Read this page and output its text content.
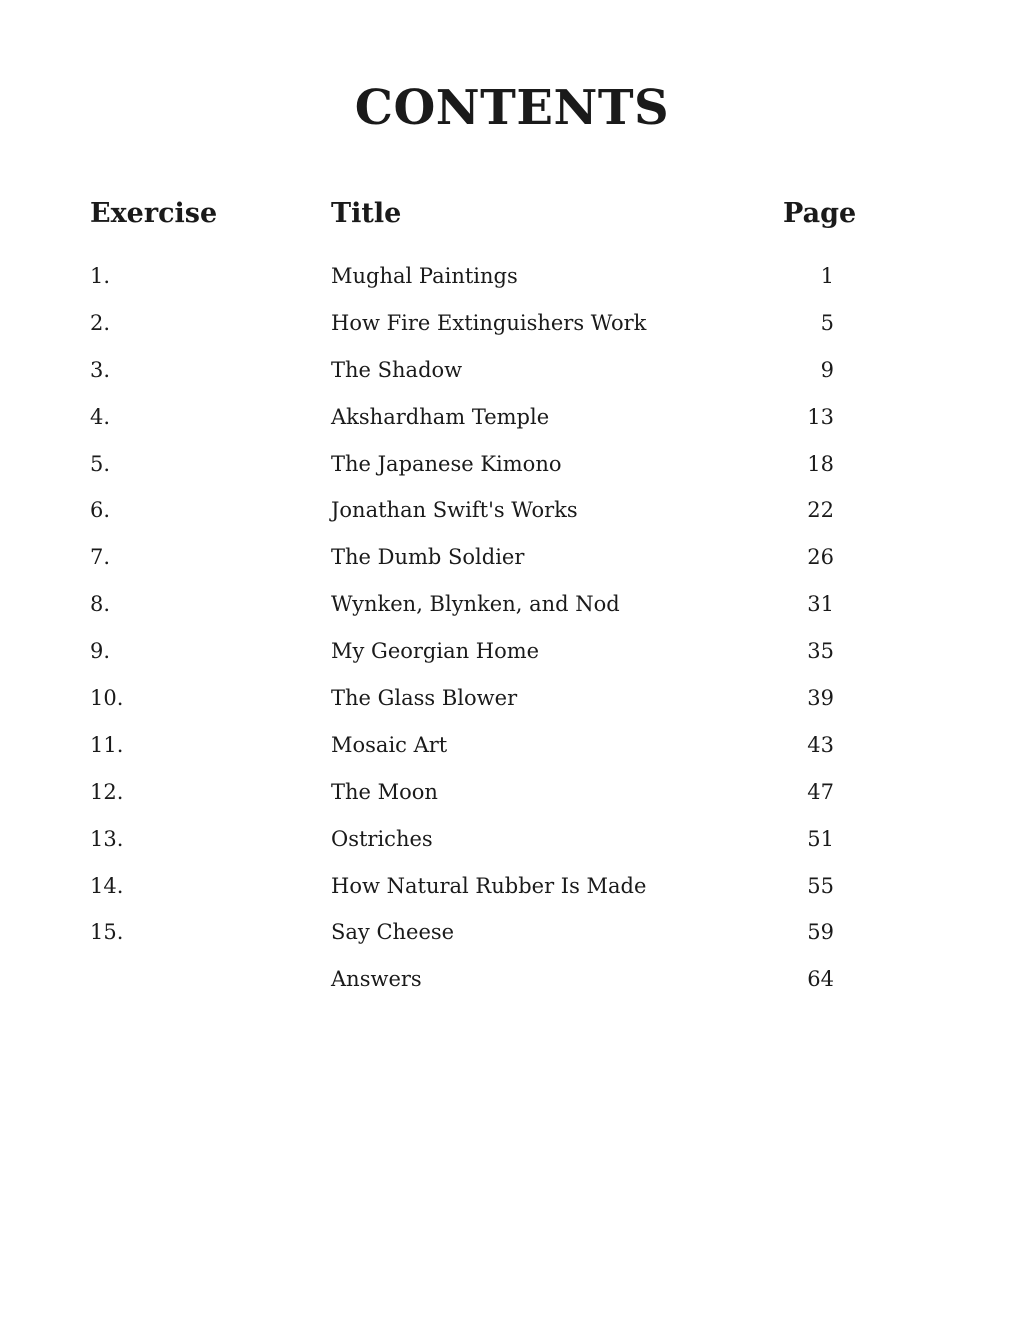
CONTENTS
Exercise	Title	Page
1.	Mughal Paintings	1
2.	How Fire Extinguishers Work	5
3.	The Shadow	9
4.	Akshardham Temple	13
5.	The Japanese Kimono	18
6.	Jonathan Swift's Works	22
7.	The Dumb Soldier	26
8.	Wynken, Blynken, and Nod	31
9.	My Georgian Home	35
10.	The Glass Blower	39
11.	Mosaic Art	43
12.	The Moon	47
13.	Ostriches	51
14.	How Natural Rubber Is Made	55
15.	Say Cheese	59
Answers	64
